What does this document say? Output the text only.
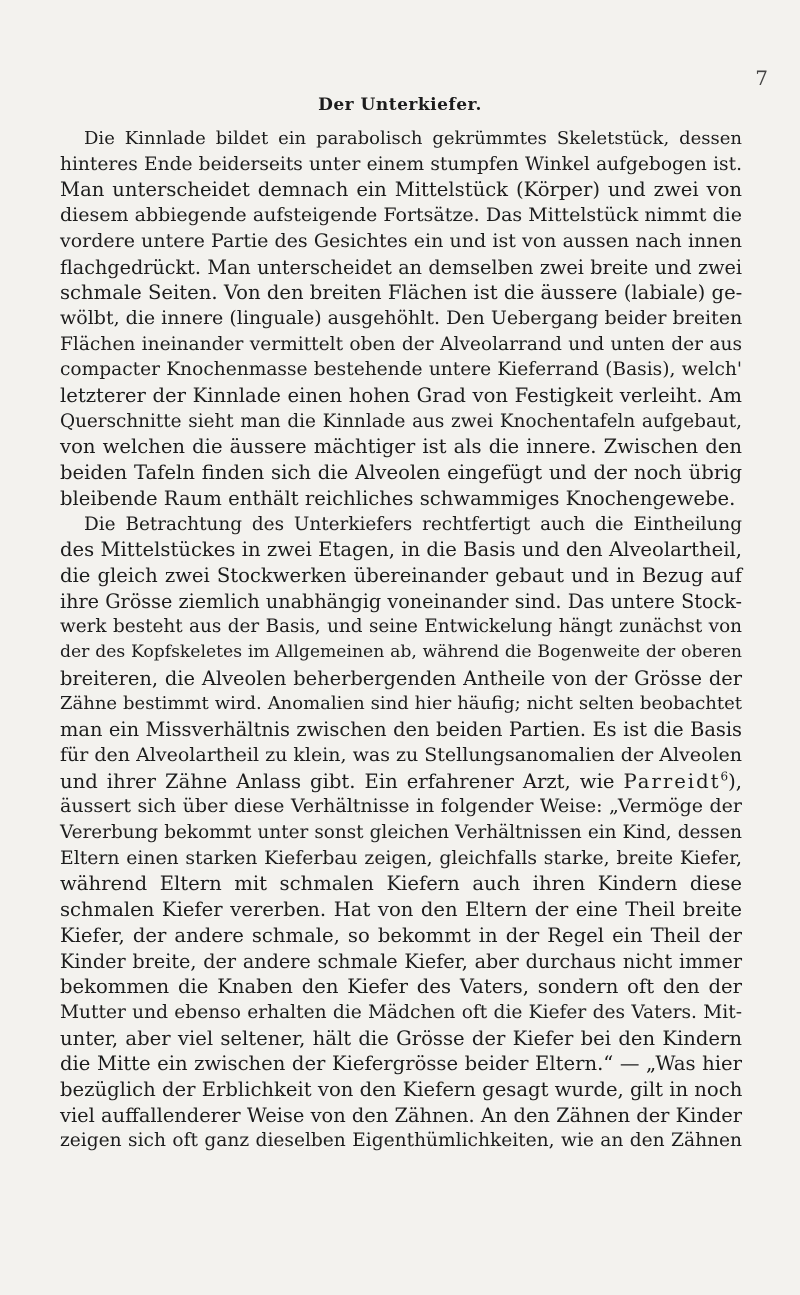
7
Der Unterkiefer.
Die Kinnlade bildet ein parabolisch gekrümmtes Skeletstück, dessen
hinteres Ende beiderseits unter einem stumpfen Winkel aufgebogen ist.
Man unterscheidet demnach ein Mittelstück (Körper) und zwei von
diesem abbiegende aufsteigende Fortsätze. Das Mittelstück nimmt die
vordere untere Partie des Gesichtes ein und ist von aussen nach innen
flachgedrückt. Man unterscheidet an demselben zwei breite und zwei
schmale Seiten. Von den breiten Flächen ist die äussere (labiale) ge-
wölbt, die innere (linguale) ausgehöhlt. Den Uebergang beider breiten
Flächen ineinander vermittelt oben der Alveolarrand und unten der aus
compacter Knochenmasse bestehende untere Kieferrand (Basis), welch'
letzterer der Kinnlade einen hohen Grad von Festigkeit verleiht. Am
Querschnitte sieht man die Kinnlade aus zwei Knochentafeln aufgebaut,
von welchen die äussere mächtiger ist als die innere. Zwischen den
beiden Tafeln finden sich die Alveolen eingefügt und der noch übrig
bleibende Raum enthält reichliches schwammiges Knochengewebe.
Die Betrachtung des Unterkiefers rechtfertigt auch die Eintheilung
des Mittelstückes in zwei Etagen, in die Basis und den Alveolartheil,
die gleich zwei Stockwerken übereinander gebaut und in Bezug auf
ihre Grösse ziemlich unabhängig voneinander sind. Das untere Stock-
werk besteht aus der Basis, und seine Entwickelung hängt zunächst von
der des Kopfskeletes im Allgemeinen ab, während die Bogenweite der oberen
breiteren, die Alveolen beherbergenden Antheile von der Grösse der
Zähne bestimmt wird. Anomalien sind hier häufig; nicht selten beobachtet
man ein Missverhältnis zwischen den beiden Partien. Es ist die Basis
für den Alveolartheil zu klein, was zu Stellungsanomalien der Alveolen
und ihrer Zähne Anlass gibt. Ein erfahrener Arzt, wie Parreidt$^6$),
äussert sich über diese Verhältnisse in folgender Weise: „Vermöge der
Vererbung bekommt unter sonst gleichen Verhältnissen ein Kind, dessen
Eltern einen starken Kieferbau zeigen, gleichfalls starke, breite Kiefer,
während Eltern mit schmalen Kiefern auch ihren Kindern diese
schmalen Kiefer vererben. Hat von den Eltern der eine Theil breite
Kiefer, der andere schmale, so bekommt in der Regel ein Theil der
Kinder breite, der andere schmale Kiefer, aber durchaus nicht immer
bekommen die Knaben den Kiefer des Vaters, sondern oft den der
Mutter und ebenso erhalten die Mädchen oft die Kiefer des Vaters. Mit-
unter, aber viel seltener, hält die Grösse der Kiefer bei den Kindern
die Mitte ein zwischen der Kiefergrösse beider Eltern.“ — „Was hier
bezüglich der Erblichkeit von den Kiefern gesagt wurde, gilt in noch
viel auffallenderer Weise von den Zähnen. An den Zähnen der Kinder
zeigen sich oft ganz dieselben Eigenthümlichkeiten, wie an den Zähnen
